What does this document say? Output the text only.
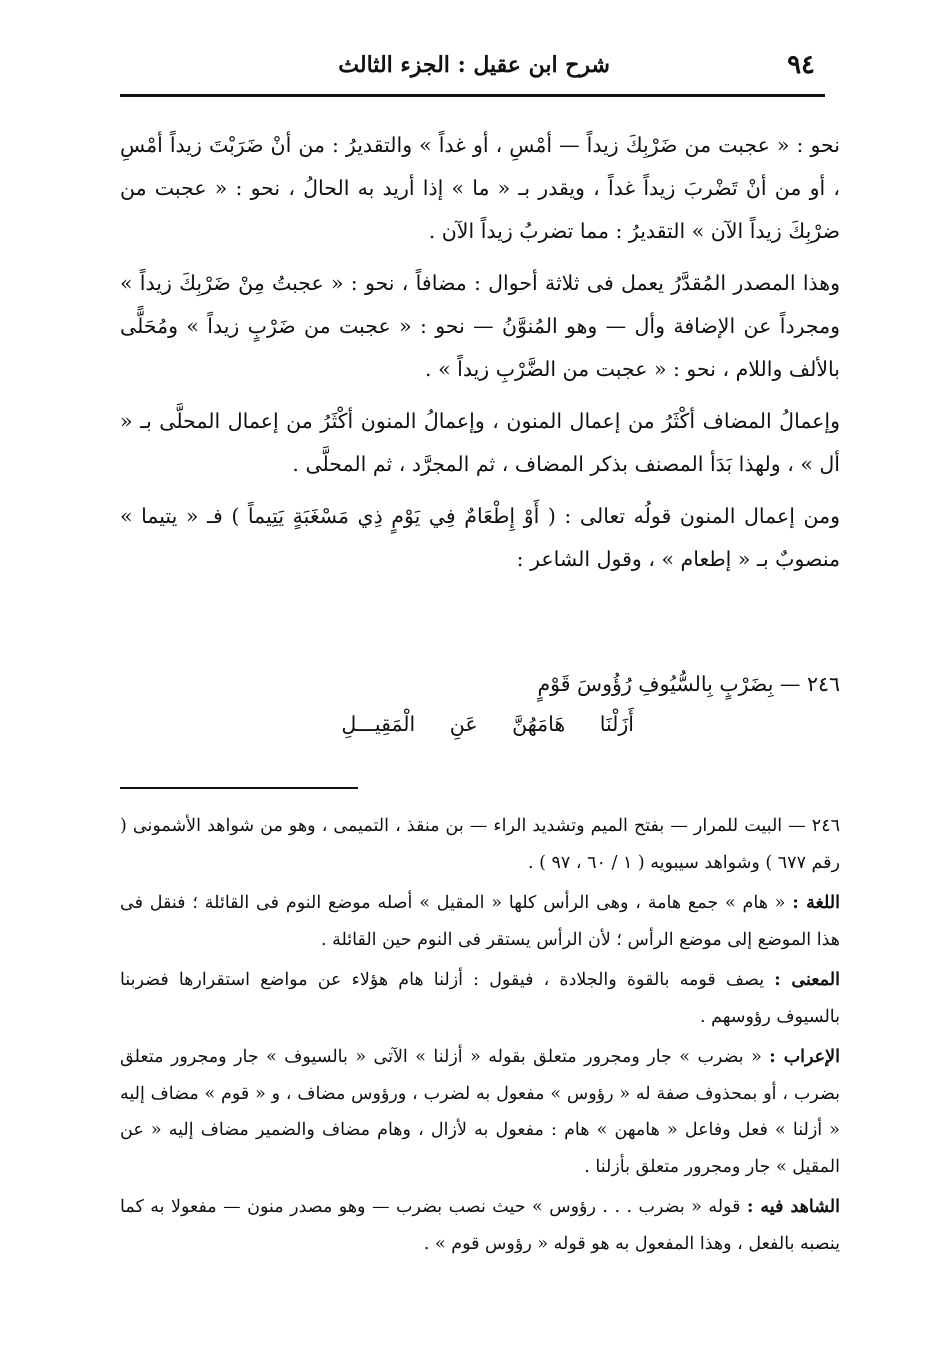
٩٤
شرح ابن عقيل : الجزء الثالث

نحو : « عجبت من ضَرْبِكَ زيداً — أمْسِ ، أو غداً » والتقديرُ : من أنْ ضَرَبْتَ زيداً أمْسِ ، أو من أنْ تَضْربَ زيداً غداً ، ويقدر بـ « ما » إذا أريد به الحالُ ، نحو : « عجبت من ضرْبِكَ زيداً الآن » التقديرُ : مما تضربُ زيداً الآن .

وهذا المصدر المُقدَّرُ يعمل فى ثلاثة أحوال : مضافاً ، نحو : « عجبتُ مِنْ ضَرْبِكَ زيداً » ومجرداً عن الإضافة وأل — وهو المُنوَّنُ — نحو : « عجبت من ضَرْبٍ زيداً » ومُحَلًّى بالألف واللام ، نحو : « عجبت من الضَّرْبِ زيداً » .

وإعمالُ المضاف أكْثَرُ من إعمال المنون ، وإعمالُ المنون أكْثَرُ من إعمال المحلَّى بـ « أل » ، ولهذا بَدَأ المصنف بذكر المضاف ، ثم المجرَّد ، ثم المحلَّى .

ومن إعمال المنون قولُه تعالى : ( أَوْ إِطْعَامٌ فِي يَوْمٍ ذِي مَسْغَبَةٍ يَتِيماً ) فـ « يتيما » منصوبٌ بـ « إطعام » ، وقول الشاعر :

٢٤٦ — بِضَرْبٍ بِالسُّيُوفِ رُؤُوسَ قَوْمٍ
أَزَلْنَا هَامَهُنَّ عَنِ الْمَقِيـــلِ

٢٤٦ — البيت للمرار — بفتح الميم وتشديد الراء — بن منقذ ، التميمى ، وهو من شواهد الأشمونى ( رقم ٦٧٧ ) وشواهد سيبويه ( ١ / ٦٠ ، ٩٧ ) .

اللغة : « هام » جمع هامة ، وهى الرأس كلها « المقيل » أصله موضع النوم فى القائلة ؛ فنقل فى هذا الموضع إلى موضع الرأس ؛ لأن الرأس يستقر فى النوم حين القائلة .

المعنى : يصف قومه بالقوة والجلادة ، فيقول : أزلنا هام هؤلاء عن مواضع استقرارها فضربنا بالسيوف رؤوسهم .

الإعراب : « بضرب » جار ومجرور متعلق بقوله « أزلنا » الآتى « بالسيوف » جار ومجرور متعلق بضرب ، أو بمحذوف صفة له « رؤوس » مفعول به لضرب ، ورؤوس مضاف ، و « قوم » مضاف إليه « أزلنا » فعل وفاعل « هامهن » هام : مفعول به لأزال ، وهام مضاف والضمير مضاف إليه « عن المقيل » جار ومجرور متعلق بأزلنا .

الشاهد فيه : قوله « بضرب . . . رؤوس » حيث نصب بضرب — وهو مصدر منون — مفعولا به كما ينصبه بالفعل ، وهذا المفعول به هو قوله « رؤوس قوم » .
